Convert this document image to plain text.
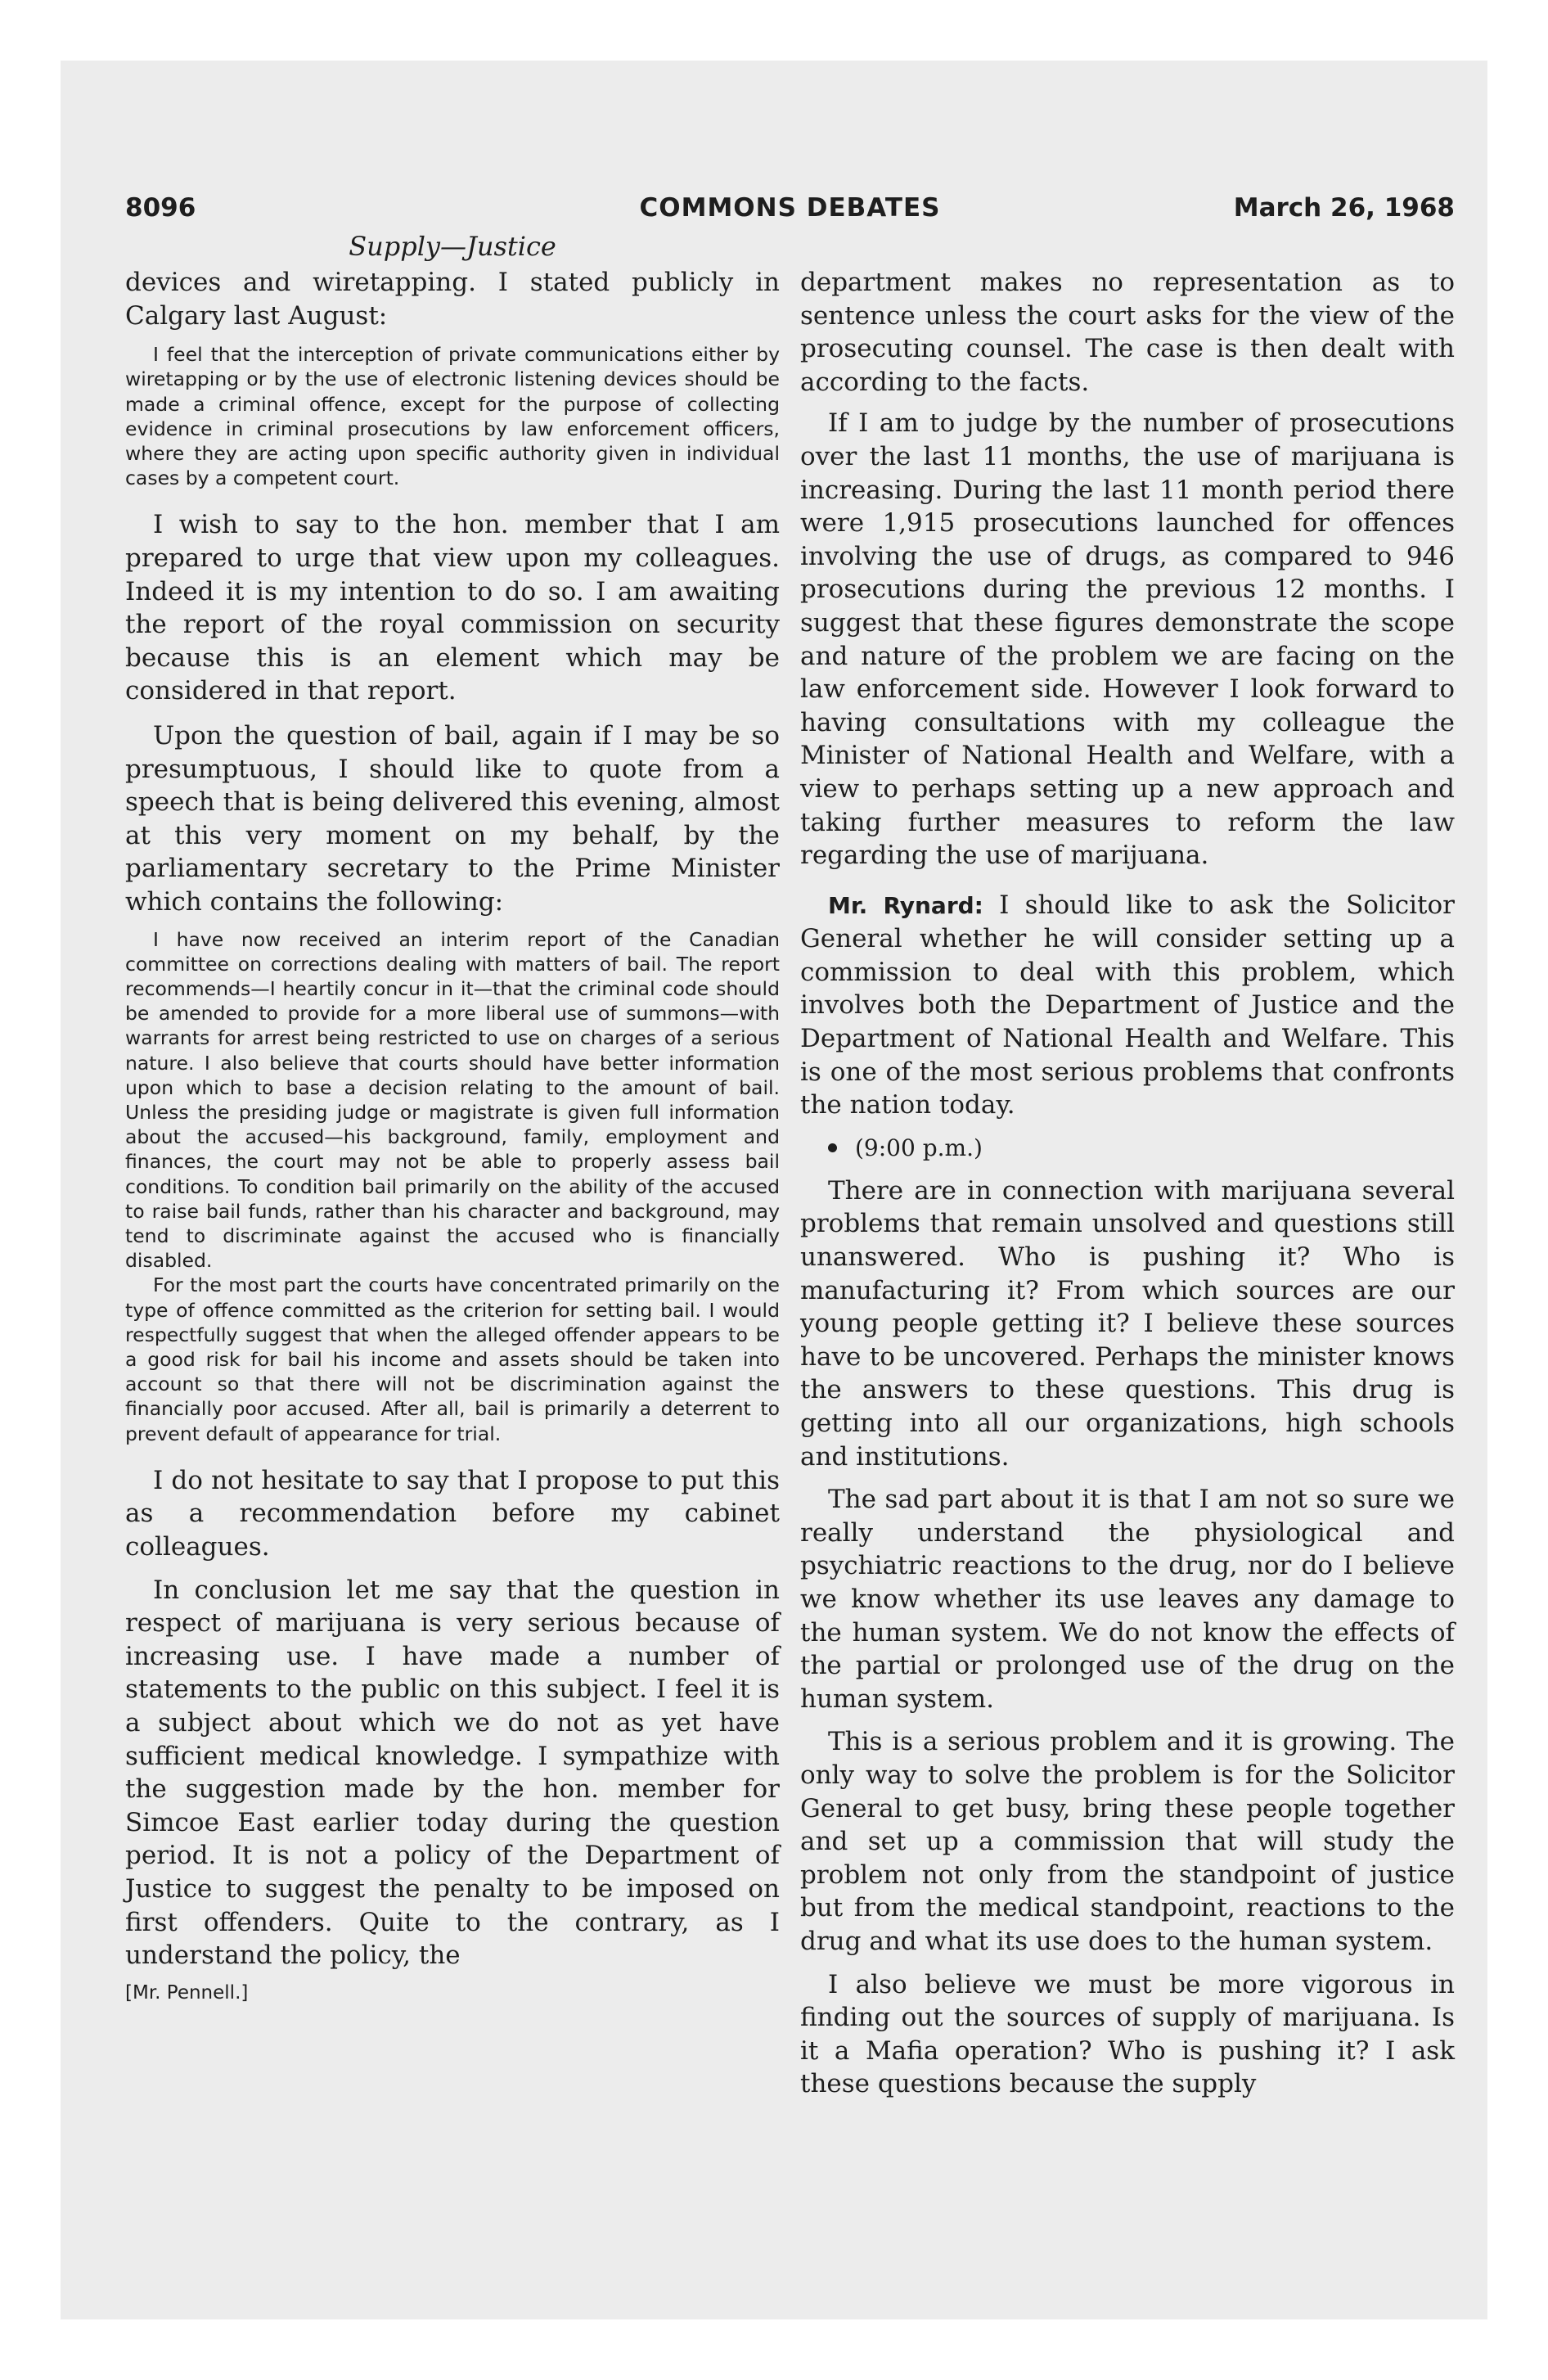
8096	COMMONS DEBATES	March 26, 1968
Supply—Justice

devices and wiretapping. I stated publicly in Calgary last August:

I feel that the interception of private communications either by wiretapping or by the use of electronic listening devices should be made a criminal offence, except for the purpose of collecting evidence in criminal prosecutions by law enforcement officers, where they are acting upon specific authority given in individual cases by a competent court.

I wish to say to the hon. member that I am prepared to urge that view upon my colleagues. Indeed it is my intention to do so. I am awaiting the report of the royal commission on security because this is an element which may be considered in that report.

Upon the question of bail, again if I may be so presumptuous, I should like to quote from a speech that is being delivered this evening, almost at this very moment on my behalf, by the parliamentary secretary to the Prime Minister which contains the following:

I have now received an interim report of the Canadian committee on corrections dealing with matters of bail. The report recommends—I heartily concur in it—that the criminal code should be amended to provide for a more liberal use of summons—with warrants for arrest being restricted to use on charges of a serious nature. I also believe that courts should have better information upon which to base a decision relating to the amount of bail. Unless the presiding judge or magistrate is given full information about the accused—his background, family, employment and finances, the court may not be able to properly assess bail conditions. To condition bail primarily on the ability of the accused to raise bail funds, rather than his character and background, may tend to discriminate against the accused who is financially disabled.

For the most part the courts have concentrated primarily on the type of offence committed as the criterion for setting bail. I would respectfully suggest that when the alleged offender appears to be a good risk for bail his income and assets should be taken into account so that there will not be discrimination against the financially poor accused. After all, bail is primarily a deterrent to prevent default of appearance for trial.

I do not hesitate to say that I propose to put this as a recommendation before my cabinet colleagues.

In conclusion let me say that the question in respect of marijuana is very serious because of increasing use. I have made a number of statements to the public on this subject. I feel it is a subject about which we do not as yet have sufficient medical knowledge. I sympathize with the suggestion made by the hon. member for Simcoe East earlier today during the question period. It is not a policy of the Department of Justice to suggest the penalty to be imposed on first offenders. Quite to the contrary, as I understand the policy, the

[Mr. Pennell.]

department makes no representation as to sentence unless the court asks for the view of the prosecuting counsel. The case is then dealt with according to the facts.

If I am to judge by the number of prosecutions over the last 11 months, the use of marijuana is increasing. During the last 11 month period there were 1,915 prosecutions launched for offences involving the use of drugs, as compared to 946 prosecutions during the previous 12 months. I suggest that these figures demonstrate the scope and nature of the problem we are facing on the law enforcement side. However I look forward to having consultations with my colleague the Minister of National Health and Welfare, with a view to perhaps setting up a new approach and taking further measures to reform the law regarding the use of marijuana.

Mr. Rynard: I should like to ask the Solicitor General whether he will consider setting up a commission to deal with this problem, which involves both the Department of Justice and the Department of National Health and Welfare. This is one of the most serious problems that confronts the nation today.

(9:00 p.m.)

There are in connection with marijuana several problems that remain unsolved and questions still unanswered. Who is pushing it? Who is manufacturing it? From which sources are our young people getting it? I believe these sources have to be uncovered. Perhaps the minister knows the answers to these questions. This drug is getting into all our organizations, high schools and institutions.

The sad part about it is that I am not so sure we really understand the physiological and psychiatric reactions to the drug, nor do I believe we know whether its use leaves any damage to the human system. We do not know the effects of the partial or prolonged use of the drug on the human system.

This is a serious problem and it is growing. The only way to solve the problem is for the Solicitor General to get busy, bring these people together and set up a commission that will study the problem not only from the standpoint of justice but from the medical standpoint, reactions to the drug and what its use does to the human system.

I also believe we must be more vigorous in finding out the sources of supply of marijuana. Is it a Mafia operation? Who is pushing it? I ask these questions because the supply
